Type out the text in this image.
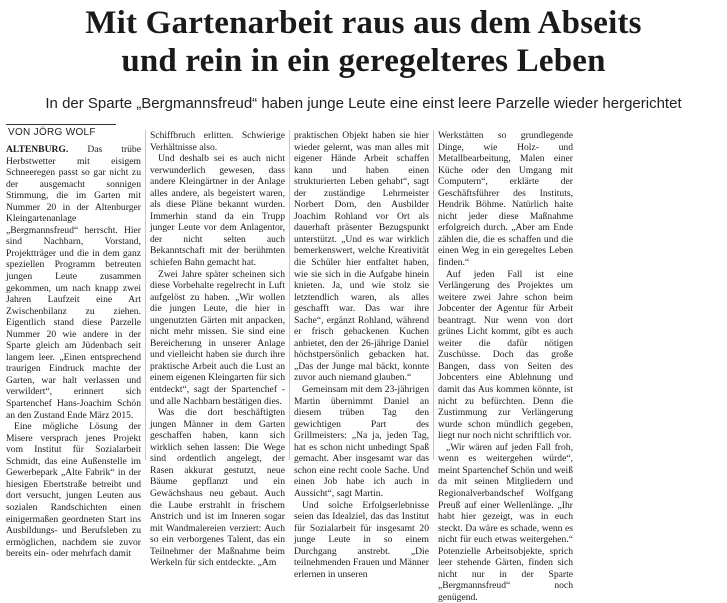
Mit Gartenarbeit raus aus dem Abseits
und rein in ein geregelteres Leben
In der Sparte „Bergmannsfreud“ haben junge Leute eine einst leere Parzelle wieder hergerichtet
VON JÖRG WOLF

ALTENBURG. Das trübe Herbstwetter mit eisigem Schneeregen passt so gar nicht zu der ausgemacht sonnigen Stimmung, die im Garten mit Nummer 20 in der Altenburger Kleingartenanlage „Bergmannsfreud“ herrscht. Hier sind Nachbarn, Vorstand, Projektträger und die in dem ganz speziellen Programm betreuten jungen Leute zusammen gekommen, um nach knapp zwei Jahren Laufzeit eine Art Zwischenbilanz zu ziehen. Eigentlich stand diese Parzelle Nummer 20 wie andere in der Sparte gleich am Jüdenbach seit langem leer. „Einen entsprechend traurigen Eindruck machte der Garten, war halt verlassen und verwildert“, erinnert sich Spartenchef Hans-Joachim Schön an den Zustand Ende März 2015.

Eine mögliche Lösung der Misere versprach jenes Projekt vom Institut für Sozialarbeit Schmidt, das eine Außenstelle im Gewerbepark „Alte Fabrik“ in der hiesigen Ebertstraße betreibt und dort versucht, jungen Leuten aus sozialen Randschichten einen einigermaßen geordneten Start ins Ausbildungs- und Berufsleben zu ermöglichen, nachdem sie zuvor bereits ein- oder mehrfach damit

Schiffbruch erlitten. Schwierige Verhältnisse also.

Und deshalb sei es auch nicht verwunderlich gewesen, dass andere Kleingärtner in der Anlage alles andere, als begeistert waren, als diese Pläne bekannt wurden. Immerhin stand da ein Trupp junger Leute vor dem Anlagentor, der nicht selten auch Bekanntschaft mit der berühmten schiefen Bahn gemacht hat.

Zwei Jahre später scheinen sich diese Vorbehalte regelrecht in Luft aufgelöst zu haben. „Wir wollen die jungen Leute, die hier in ungenutzten Gärten mit anpacken, nicht mehr missen. Sie sind eine Bereicherung in unserer Anlage und vielleicht haben sie durch ihre praktische Arbeit auch die Lust an einem eigenen Kleingarten für sich entdeckt“, sagt der Spartenchef - und alle Nachbarn bestätigen dies.

Was die dort beschäftigten jungen Männer in dem Garten geschaffen haben, kann sich wirklich sehen lassen: Die Wege sind ordentlich angelegt, der Rasen akkurat gestutzt, neue Bäume gepflanzt und ein Gewächshaus neu gebaut. Auch die Laube erstrahlt in frischem Anstrich und ist im Inneren sogar mit Wandmalereien verziert: Auch so ein verborgenes Talent, das ein Teilnehmer der Maßnahme beim Werkeln für sich entdeckte. „Am

praktischen Objekt haben sie hier wieder gelernt, was man alles mit eigener Hände Arbeit schaffen kann und haben einen strukturierten Leben gehabt“, sagt der zuständige Lehrmeister Norbert Dorn, den Ausbilder Joachim Rohland vor Ort als dauerhaft präsenter Bezugspunkt unterstützt. „Und es war wirklich bemerkenswert, welche Kreativität die Schüler hier entfaltet haben, wie sie sich in die Aufgabe hinein knieten. Ja, und wie stolz sie letztendlich waren, als alles geschafft war. Das war ihre Sache“, ergänzt Rohland, während er frisch gebackenen Kuchen anbietet, den der 26-jährige Daniel höchstpersönlich gebacken hat. „Das der Junge mal bäckt, konnte zuvor auch niemand glauben.“

Gemeinsam mit dem 23-jährigen Martin übernimmt Daniel an diesem trüben Tag den gewichtigen Part des Grillmeisters: „Na ja, jeden Tag, hat es schon nicht unbedingt Spaß gemacht. Aber insgesamt war das schon eine recht coole Sache. Und einen Job habe ich auch in Aussicht“, sagt Martin.

Und solche Erfolgserlebnisse seien das Idealziel, das das Institut für Sozialarbeit für insgesamt 20 junge Leute in so einem Durchgang anstrebt. „Die teilnehmenden Frauen und Männer erlernen in unseren

Werkstätten so grundlegende Dinge, wie Holz- und Metallbearbeitung, Malen einer Küche oder den Umgang mit Computern“, erklärte der Geschäftsführer des Instituts, Hendrik Böhme. Natürlich halte nicht jeder diese Maßnahme erfolgreich durch. „Aber am Ende zählen die, die es schaffen und die einen Weg in ein geregeltes Leben finden.“

Auf jeden Fall ist eine Verlängerung des Projektes um weitere zwei Jahre schon beim Jobcenter der Agentur für Arbeit beantragt. Nur wenn von dort grünes Licht kommt, gibt es auch weiter die dafür nötigen Zuschüsse. Doch das große Bangen, dass von Seiten des Jobcenters eine Ablehnung und damit das Aus kommen könnte, ist nicht zu befürchten. Denn die Zustimmung zur Verlängerung wurde schon mündlich gegeben, liegt nur noch nicht schriftlich vor.

„Wir wären auf jeden Fall froh, wenn es weitergehen würde“, meint Spartenchef Schön und weiß da mit seinen Mitgliedern und Regionalverbandschef Wolfgang Preuß auf einer Wellenlänge. „Ihr habt hier gezeigt, was in euch steckt. Da wäre es schade, wenn es nicht für euch etwas weitergehen.“ Potenzielle Arbeitsobjekte, sprich leer stehende Gärten, finden sich nicht nur in der Sparte „Bergmannsfreud“ noch genügend.
